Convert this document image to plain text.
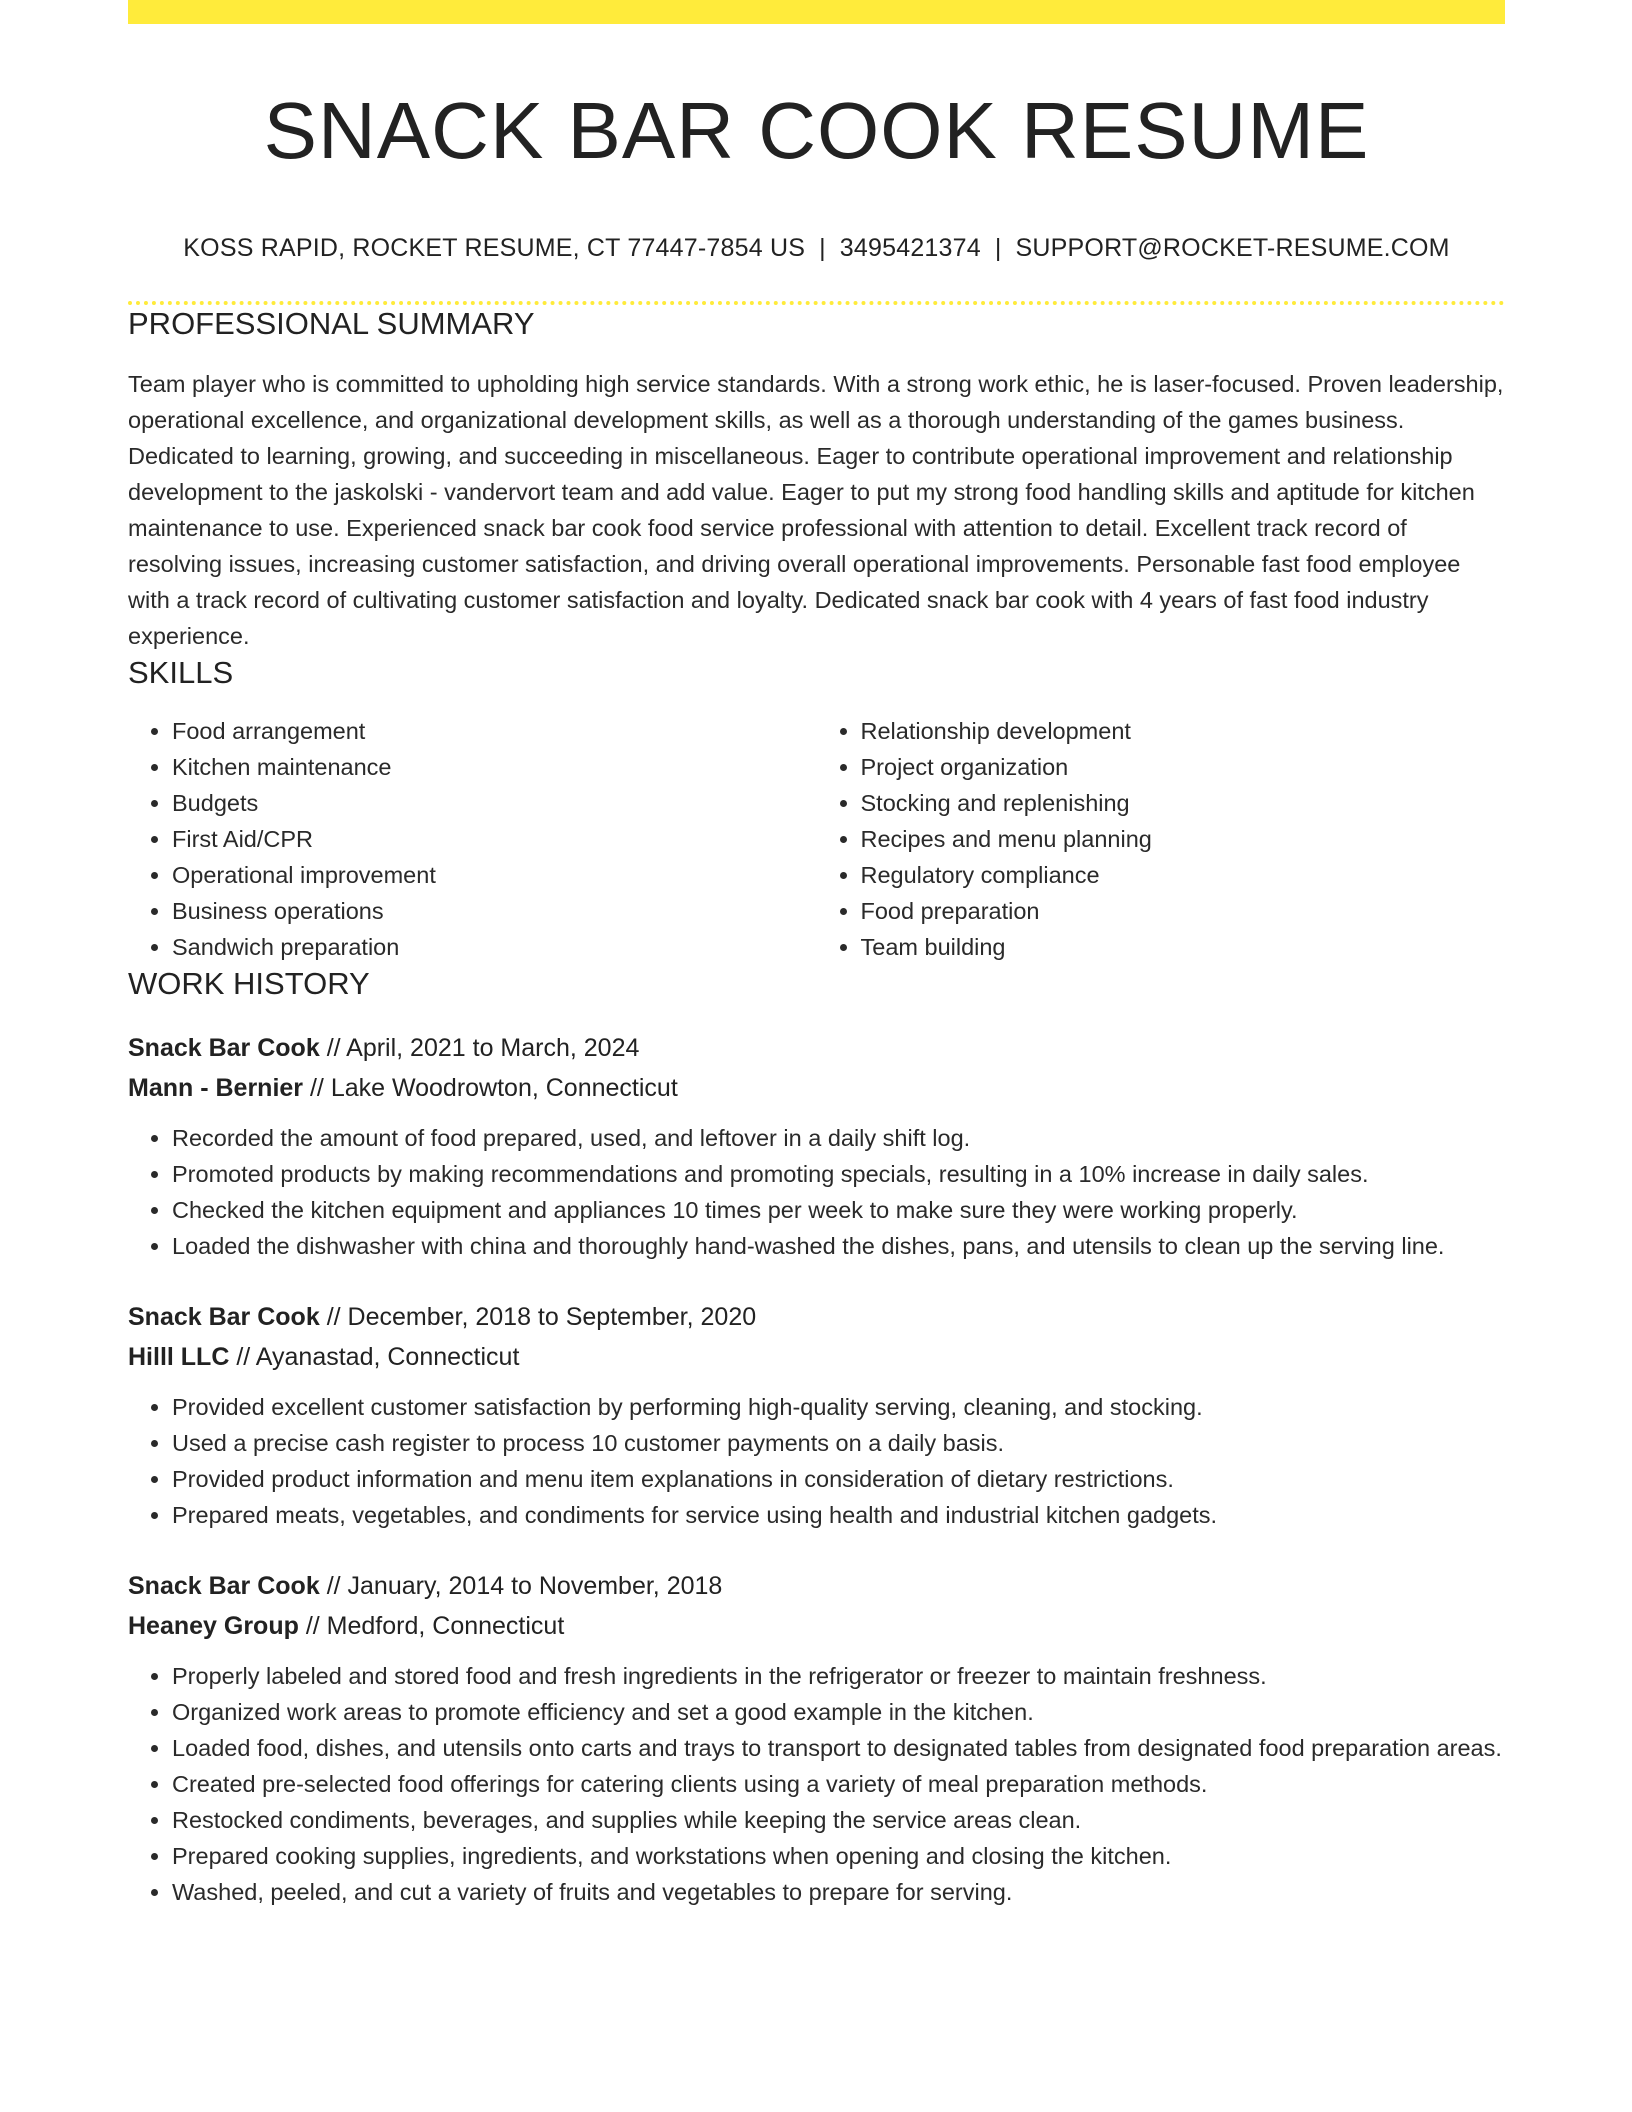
SNACK BAR COOK RESUME
KOSS RAPID, ROCKET RESUME, CT 77447-7854 US | 3495421374 | SUPPORT@ROCKET-RESUME.COM
PROFESSIONAL SUMMARY

Team player who is committed to upholding high service standards. With a strong work ethic, he is laser-focused. Proven leadership, operational excellence, and organizational development skills, as well as a thorough understanding of the games business. Dedicated to learning, growing, and succeeding in miscellaneous. Eager to contribute operational improvement and relationship development to the jaskolski - vandervort team and add value. Eager to put my strong food handling skills and aptitude for kitchen maintenance to use. Experienced snack bar cook food service professional with attention to detail. Excellent track record of resolving issues, increasing customer satisfaction, and driving overall operational improvements. Personable fast food employee with a track record of cultivating customer satisfaction and loyalty. Dedicated snack bar cook with 4 years of fast food industry experience.

SKILLS
• Food arrangement
• Kitchen maintenance
• Budgets
• First Aid/CPR
• Operational improvement
• Business operations
• Sandwich preparation
• Relationship development
• Project organization
• Stocking and replenishing
• Recipes and menu planning
• Regulatory compliance
• Food preparation
• Team building
WORK HISTORY
Snack Bar Cook // April, 2021 to March, 2024
Mann - Bernier // Lake Woodrowton, Connecticut
• Recorded the amount of food prepared, used, and leftover in a daily shift log.
• Promoted products by making recommendations and promoting specials, resulting in a 10% increase in daily sales.
• Checked the kitchen equipment and appliances 10 times per week to make sure they were working properly.
• Loaded the dishwasher with china and thoroughly hand-washed the dishes, pans, and utensils to clean up the serving line.
Snack Bar Cook // December, 2018 to September, 2020
Hilll LLC // Ayanastad, Connecticut
• Provided excellent customer satisfaction by performing high-quality serving, cleaning, and stocking.
• Used a precise cash register to process 10 customer payments on a daily basis.
• Provided product information and menu item explanations in consideration of dietary restrictions.
• Prepared meats, vegetables, and condiments for service using health and industrial kitchen gadgets.
Snack Bar Cook // January, 2014 to November, 2018
Heaney Group // Medford, Connecticut
• Properly labeled and stored food and fresh ingredients in the refrigerator or freezer to maintain freshness.
• Organized work areas to promote efficiency and set a good example in the kitchen.
• Loaded food, dishes, and utensils onto carts and trays to transport to designated tables from designated food preparation areas.
• Created pre-selected food offerings for catering clients using a variety of meal preparation methods.
• Restocked condiments, beverages, and supplies while keeping the service areas clean.
• Prepared cooking supplies, ingredients, and workstations when opening and closing the kitchen.
• Washed, peeled, and cut a variety of fruits and vegetables to prepare for serving.
